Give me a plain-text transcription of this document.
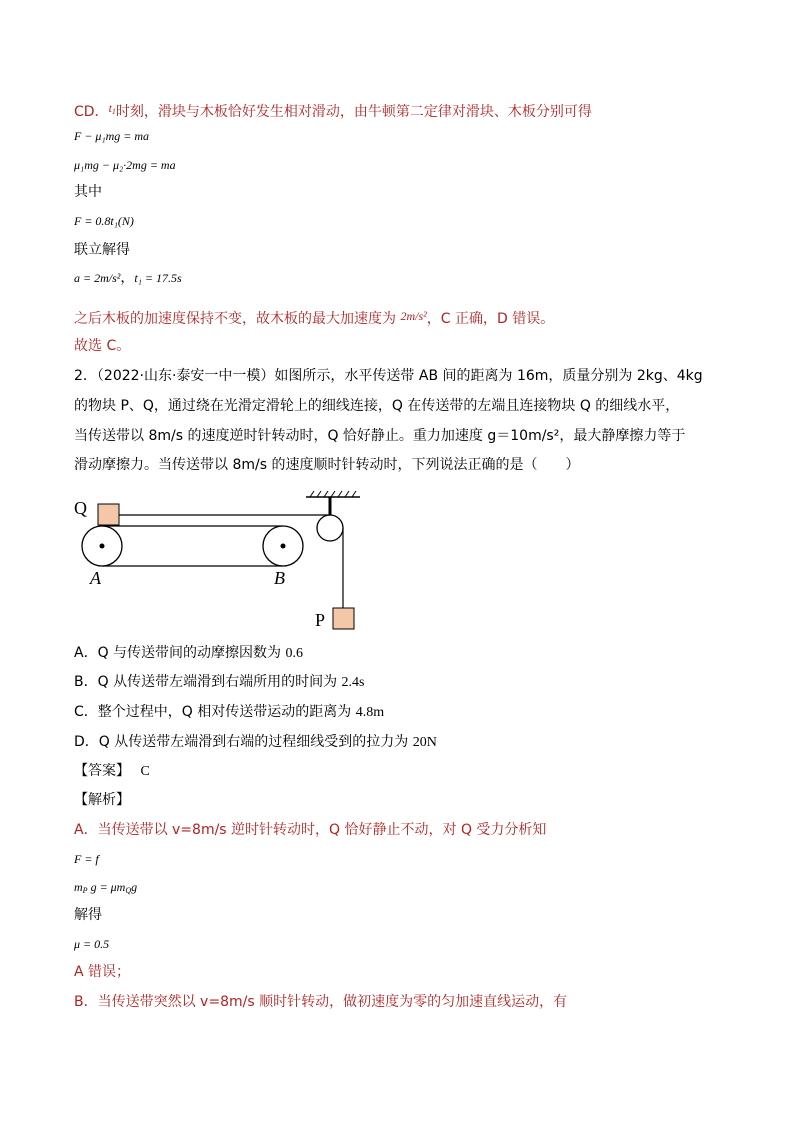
CD．$t_1$时刻，滑块与木板恰好发生相对滑动，由牛顿第二定律对滑块、木板分别可得
F − μ₁mg = ma
μ₁mg − μ₂·2mg = ma
其中
F = 0.8t₁(N)
联立解得
a = 2m/s²，t₁ = 17.5s
之后木板的加速度保持不变，故木板的最大加速度为 2m/s²，C 正确，D 错误。
故选 C。
2．（2022·山东·泰安一中一模）如图所示，水平传送带 AB 间的距离为 16m，质量分别为 2kg、4kg
的物块 P、Q，通过绕在光滑定滑轮上的细线连接，Q 在传送带的左端且连接物块 Q 的细线水平，
当传送带以 8m/s 的速度逆时针转动时，Q 恰好静止。重力加速度 g＝10m/s²，最大静摩擦力等于
滑动摩擦力。当传送带以 8m/s 的速度顺时针转动时，下列说法正确的是（　　）
Q
A	B
P
A．Q 与传送带间的动摩擦因数为 0.6
B．Q 从传送带左端滑到右端所用的时间为 2.4s
C．整个过程中，Q 相对传送带运动的距离为 4.8m
D．Q 从传送带左端滑到右端的过程细线受到的拉力为 20N
【答案】 C
【解析】
A．当传送带以 v=8m/s 逆时针转动时，Q 恰好静止不动，对 Q 受力分析知
F = f
$m_P$ $g = \mu m_Qg$
解得
μ = 0.5
A 错误；
B．当传送带突然以 v=8m/s 顺时针转动，做初速度为零的匀加速直线运动，有
